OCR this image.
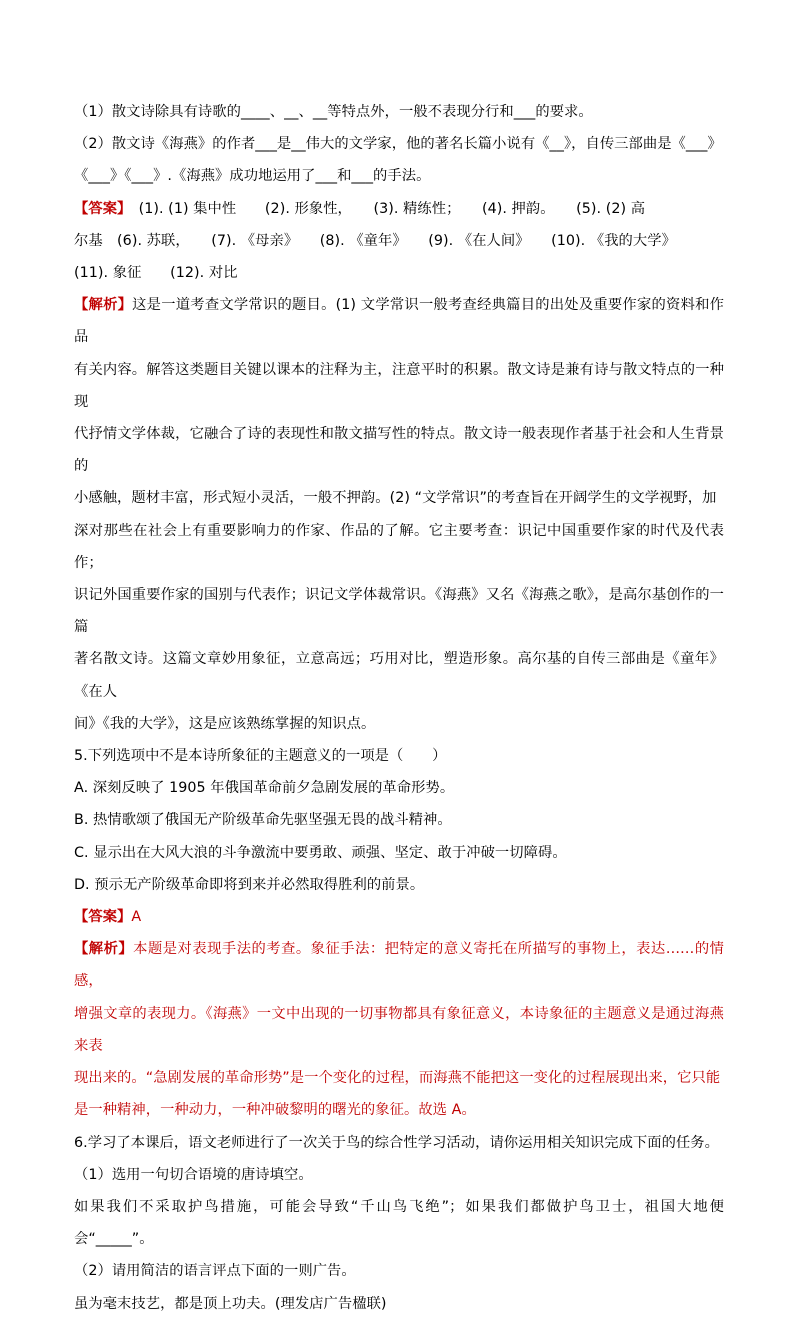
（1）散文诗除具有诗歌的____、__、__等特点外，一般不表现分行和___的要求。

（2）散文诗《海燕》的作者___是__伟大的文学家，他的著名长篇小说有《__》，自传三部曲是《___》

《___》《___》.《海燕》成功地运用了___和___的手法。

【答案】　(1). (1) 集中性　　(2). 形象性，　　(3). 精练性；　　(4). 押韵。　　(5). (2) 高

尔基　(6). 苏联，　　(7). 《母亲》　　(8). 《童年》　　(9). 《在人间》　　(10). 《我的大学》

(11). 象征　　(12). 对比

【解析】这是一道考查文学常识的题目。(1) 文学常识一般考查经典篇目的出处及重要作家的资料和作品

有关内容。解答这类题目关键以课本的注释为主，注意平时的积累。散文诗是兼有诗与散文特点的一种现

代抒情文学体裁，它融合了诗的表现性和散文描写性的特点。散文诗一般表现作者基于社会和人生背景的

小感触，题材丰富，形式短小灵活，一般不押韵。(2) “文学常识”的考查旨在开阔学生的文学视野，加

深对那些在社会上有重要影响力的作家、作品的了解。它主要考查：识记中国重要作家的时代及代表作；

识记外国重要作家的国别与代表作；识记文学体裁常识。《海燕》又名《海燕之歌》，是高尔基创作的一篇

著名散文诗。这篇文章妙用象征，立意高远；巧用对比，塑造形象。高尔基的自传三部曲是《童年》《在人

间》《我的大学》，这是应该熟练掌握的知识点。

5.下列选项中不是本诗所象征的主题意义的一项是（　　）

A. 深刻反映了 1905 年俄国革命前夕急剧发展的革命形势。

B. 热情歌颂了俄国无产阶级革命先驱坚强无畏的战斗精神。

C. 显示出在大风大浪的斗争激流中要勇敢、顽强、坚定、敢于冲破一切障碍。

D. 预示无产阶级革命即将到来并必然取得胜利的前景。

【答案】A

【解析】本题是对表现手法的考查。象征手法：把特定的意义寄托在所描写的事物上，表达……的情感，

增强文章的表现力。《海燕》一文中出现的一切事物都具有象征意义，本诗象征的主题意义是通过海燕来表

现出来的。“急剧发展的革命形势”是一个变化的过程，而海燕不能把这一变化的过程展现出来，它只能

是一种精神，一种动力，一种冲破黎明的曙光的象征。故选 A。

6.学习了本课后，语文老师进行了一次关于鸟的综合性学习活动，请你运用相关知识完成下面的任务。

（1）选用一句切合语境的唐诗填空。

如果我们不采取护鸟措施，可能会导致“千山鸟飞绝”；如果我们都做护鸟卫士，祖国大地便会“_____”。

（2）请用简洁的语言评点下面的一则广告。

虽为毫末技艺，都是顶上功夫。(理发店广告楹联)
